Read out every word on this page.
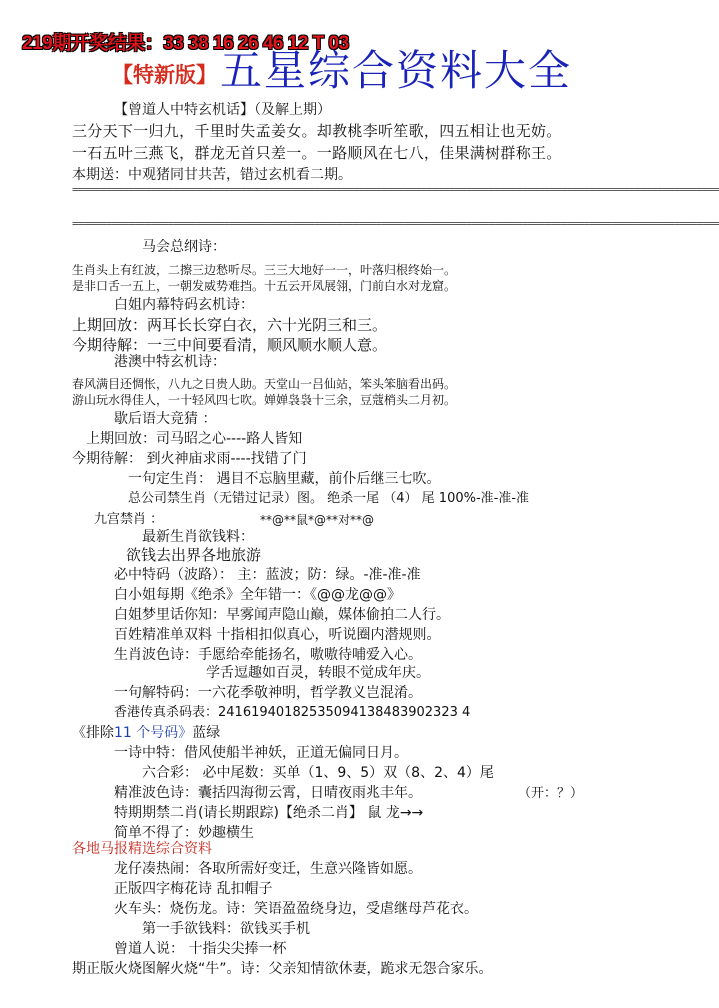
219期开奖结果：33 38 16 26 46 12 T 03
【特新版】 五星综合资料大全
【曾道人中特玄机话】（及解上期）
三分天下一归九，千里时失孟姜女。却教桃李听笙歌，四五相让也无妨。
一石五叶三燕飞，群龙无首只差一。一路顺风在七八，佳果满树群称王。
本期送：中观猪同甘共苦，错过玄机看二期。
===================================================================================================================
===================================================================================================================
马会总纲诗：
生肖头上有红波，二擦三边愁听尽。三三大地好一一，叶落归根终始一。
是非口舌一五上，一朝发威势难挡。十五云开凤展翎，门前白水对龙窟。
白姐内幕特码玄机诗：
上期回放：两耳长长穿白衣，六十光阴三和三。
今期待解：一三中间要看清，顺风顺水顺人意。
港澳中特玄机诗：
春风满目还惆怅，八九之日贵人助。天堂山一吕仙站，笨头笨脑看出码。
游山玩水得佳人，一十轻风四七吹。婵婵袅袅十三余，豆蔻梢头二月初。
歇后语大竞猜 ：
上期回放：司马昭之心----路人皆知
今期待解： 到火神庙求雨----找错了门
一句定生肖： 遇目不忘脑里藏，前仆后继三七吹。
总公司禁生肖（无错过记录）图。 绝杀一尾 （4） 尾 100%-准-准-准
九宫禁肖 ：	**@**鼠*@**对**@
最新生肖欲钱料：
欲钱去出界各地旅游
必中特码（波路）： 主：蓝波；防：绿。-准-准-准
白小姐每期《绝杀》全年错一：《@@龙@@》
白姐梦里话你知：早雾闻声隐山巅，媒体偷拍二人行。
百姓精准单双料 十指相扣似真心，听说圈内潜规则。
生肖波色诗：手愿给牵能扬名，嗷嗷待哺爱入心。
学舌逗趣如百灵，转眼不觉成年庆。
一句解特码：一六花季敬神明，哲学教义岂混淆。
香港传真杀码表：24161940182535094138483902323 4
《排除11 个号码》蓝绿
一诗中特：借风使船半神妖，正道无偏同日月。
六合彩： 必中尾数：买单（1、9、5）双（8、2、4）尾
精准波色诗：囊括四海彻云霄，日晴夜雨兆丰年。	（开：？）
特期期禁二肖(请长期跟踪)【绝杀二肖】 鼠 龙→→
简单不得了：妙趣横生
各地马报精选综合资料
龙仔凑热闹：各取所需好变迁，生意兴隆皆如愿。
正版四字梅花诗 乱扣帽子
火车头：烧伤龙。诗：笑语盈盈绕身边，受虐继母芦花衣。
第一手欲钱料：欲钱买手机
曾道人说： 十指尖尖捧一杯
期正版火烧图解火烧“牛”。诗：父亲知情欲休妻，跪求无怨合家乐。
